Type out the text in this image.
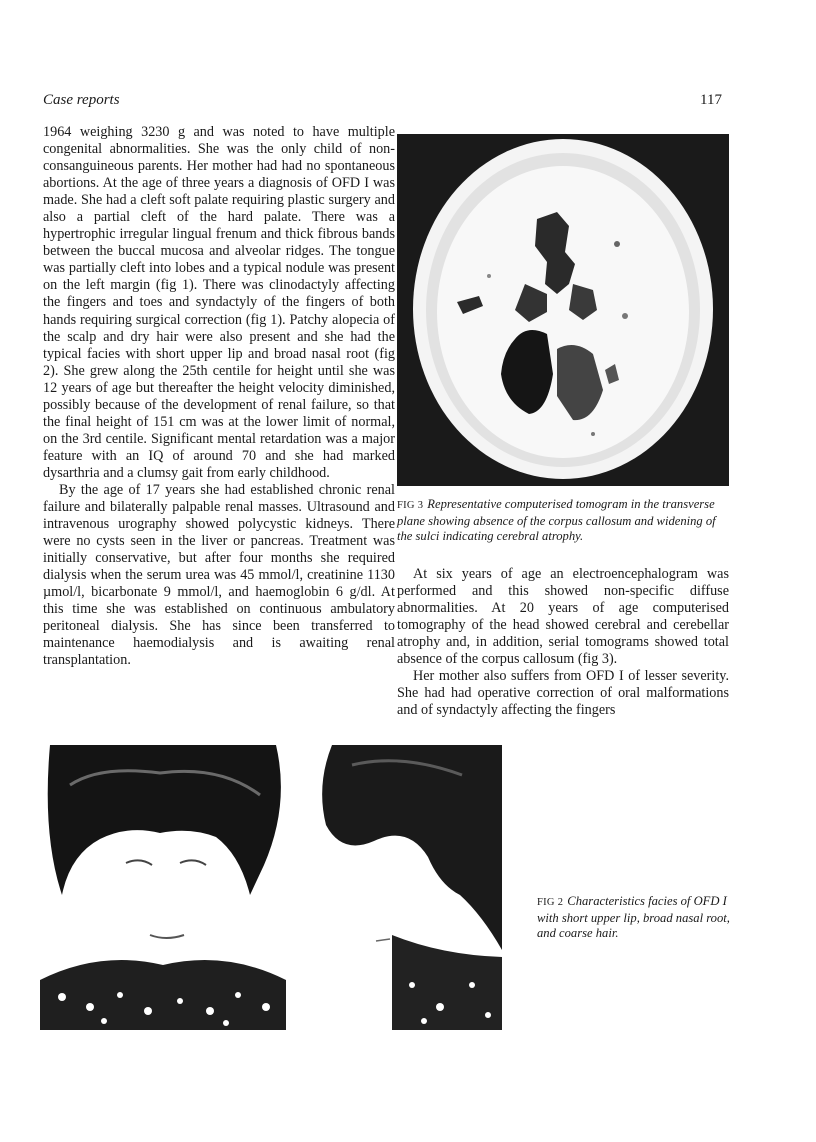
Case reports	117

1964 weighing 3230 g and was noted to have multiple congenital abnormalities. She was the only child of non-consanguineous parents. Her mother had had no spontaneous abortions. At the age of three years a diagnosis of OFD I was made. She had a cleft soft palate requiring plastic surgery and also a partial cleft of the hard palate. There was a hypertrophic irregular lingual frenum and thick fibrous bands between the buccal mucosa and alveolar ridges. The tongue was partially cleft into lobes and a typical nodule was present on the left margin (fig 1). There was clinodactyly affecting the fingers and toes and syndactyly of the fingers of both hands requiring surgical correction (fig 1). Patchy alopecia of the scalp and dry hair were also present and she had the typical facies with short upper lip and broad nasal root (fig 2). She grew along the 25th centile for height until she was 12 years of age but thereafter the height velocity diminished, possibly because of the development of renal failure, so that the final height of 151 cm was at the lower limit of normal, on the 3rd centile. Significant mental retardation was a major feature with an IQ of around 70 and she had marked dysarthria and a clumsy gait from early childhood.

By the age of 17 years she had established chronic renal failure and bilaterally palpable renal masses. Ultrasound and intravenous urography showed polycystic kidneys. There were no cysts seen in the liver or pancreas. Treatment was initially conservative, but after four months she required dialysis when the serum urea was 45 mmol/l, creatinine 1130 µmol/l, bicarbonate 9 mmol/l, and haemoglobin 6 g/dl. At this time she was established on continuous ambulatory peritoneal dialysis. She has since been transferred to maintenance haemodialysis and is awaiting renal transplantation.

FIG 3 Representative computerised tomogram in the transverse plane showing absence of the corpus callosum and widening of the sulci indicating cerebral atrophy.

At six years of age an electroencephalogram was performed and this showed non-specific diffuse abnormalities. At 20 years of age computerised tomography of the head showed cerebral and cerebellar atrophy and, in addition, serial tomograms showed total absence of the corpus callosum (fig 3).

Her mother also suffers from OFD I of lesser severity. She had had operative correction of oral malformations and of syndactyly affecting the fingers

FIG 2 Characteristics facies of OFD I with short upper lip, broad nasal root, and coarse hair.
